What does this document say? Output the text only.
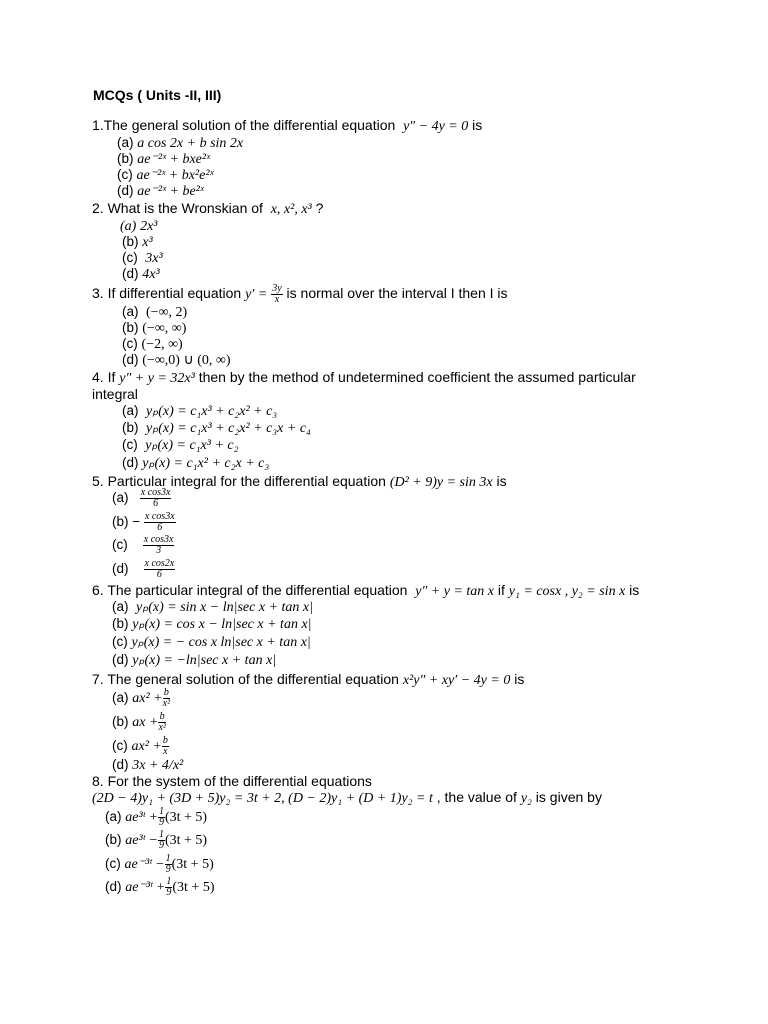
MCQs ( Units -II, III)
1.The general solution of the differential equation y″ − 4y = 0 is
(a) a cos 2x + b sin 2x
(b) ae⁻²ˣ + bxe²ˣ
(c) ae⁻²ˣ + bx²e²ˣ
(d) ae⁻²ˣ + be²ˣ
2. What is the Wronskian of x, x², x³ ?
(a) 2x³
(b) x³
(c) 3x³
(d) 4x³
3. If differential equation $y' = \frac{3y}{x}$ is normal over the interval I then I is
(a) (−∞, 2)
(b) (−∞, ∞)
(c) (−2, ∞)
(d) (−∞,0) ∪ (0, ∞)
4. If y″ + y = 32x³ then by the method of undetermined coefficient the assumed particular
integral
(a) yₚ(x) = c₁x³ + c₂x² + c₃
(b) yₚ(x) = c₁x³ + c₂x² + c₃x + c₄
(c) yₚ(x) = c₁x³ + c₂
(d) yₚ(x) = c₁x² + c₂x + c₃
5. Particular integral for the differential equation (D² + 9)y = sin 3x is
$(a) \frac{\text{x cos3x}}{6}$
$(b) - \frac{\text{x cos3x}}{6}$
$(c) \frac{\text{x cos3x}}{3}$
$(d) \frac{\text{x cos2x}}{6}$
6. The particular integral of the differential equation y″ + y = tan x if y₁ = cosx , y₂ = sin x is
(a) yₚ(x) = sin x − ln|sec x + tan x|
(b) yₚ(x) = cos x − ln|sec x + tan x|
(c) yₚ(x) = − cos x ln|sec x + tan x|
(d) yₚ(x) = −ln|sec x + tan x|
7. The general solution of the differential equation x²y″ + xy′ − 4y = 0 is
(a) $ax^2 + \frac{b}{\text{x²}}$
(b) ax + $\frac{b}{\text{x²}}$
(c) $ax^2 + \frac{b}{x}$
(d) 3x + 4/x²
8. For the system of the differential equations
(2D − 4)y₁ + (3D + 5)y₂ = 3t + 2, (D − 2)y₁ + (D + 1)y₂ = t , the value of y₂ is given by
(a) ae³ᵗ + $\frac{1}{9} (3t + 5)$
(b) ae³ᵗ − $\frac{1}{9} (3t + 5)$
(c) ae⁻³ᵗ − $\frac{1}{9} (3t + 5)$
(d) ae⁻³ᵗ + $\frac{1}{9} (3t + 5)$
